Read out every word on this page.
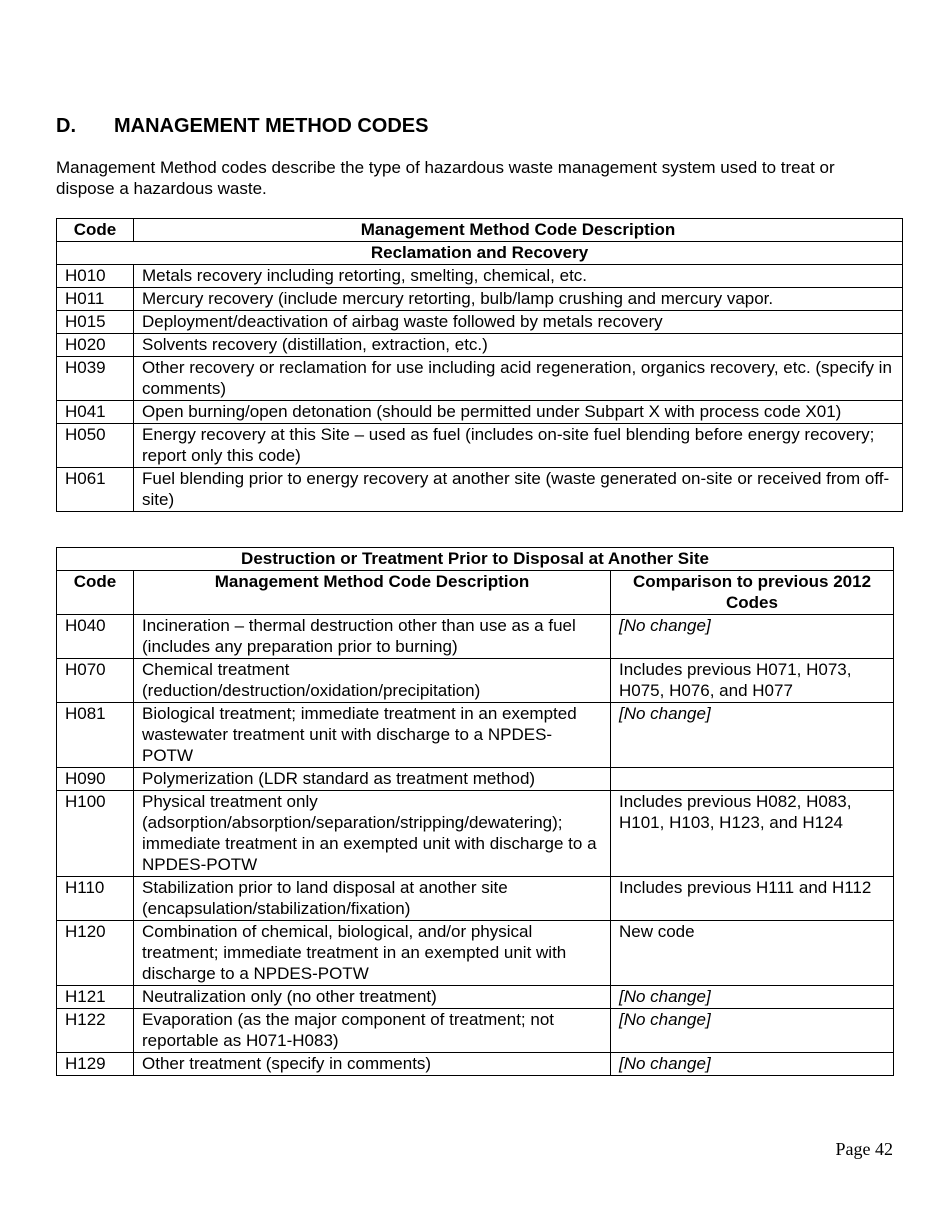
D. MANAGEMENT METHOD CODES

Management Method codes describe the type of hazardous waste management system used to treat or dispose a hazardous waste.

Code	Management Method Code Description
Reclamation and Recovery	
H010	Metals recovery including retorting, smelting, chemical, etc.
H011	Mercury recovery (include mercury retorting, bulb/lamp crushing and mercury vapor.
H015	Deployment/deactivation of airbag waste followed by metals recovery
H020	Solvents recovery (distillation, extraction, etc.)
H039	Other recovery or reclamation for use including acid regeneration, organics recovery, etc. (specify in comments)
H041	Open burning/open detonation (should be permitted under Subpart X with process code X01)
H050	Energy recovery at this Site – used as fuel (includes on-site fuel blending before energy recovery; report only this code)
H061	Fuel blending prior to energy recovery at another site (waste generated on-site or received from off-site)
Destruction or Treatment Prior to Disposal at Another Site		
Code	Management Method Code Description	Comparison to previous 2012 Codes
H040	Incineration – thermal destruction other than use as a fuel (includes any preparation prior to burning)	[No change]
H070	Chemical treatment (reduction/destruction/oxidation/precipitation)	Includes previous H071, H073, H075, H076, and H077
H081	Biological treatment; immediate treatment in an exempted wastewater treatment unit with discharge to a NPDES-POTW	[No change]
H090	Polymerization (LDR standard as treatment method)	
H100	Physical treatment only (adsorption/absorption/separation/stripping/dewatering); immediate treatment in an exempted unit with discharge to a NPDES-POTW	Includes previous H082, H083, H101, H103, H123, and H124
H110	Stabilization prior to land disposal at another site (encapsulation/stabilization/fixation)	Includes previous H111 and H112
H120	Combination of chemical, biological, and/or physical treatment; immediate treatment in an exempted unit with discharge to a NPDES-POTW	New code
H121	Neutralization only (no other treatment)	[No change]
H122	Evaporation (as the major component of treatment; not reportable as H071-H083)	[No change]
H129	Other treatment (specify in comments)	[No change]
Page 42
